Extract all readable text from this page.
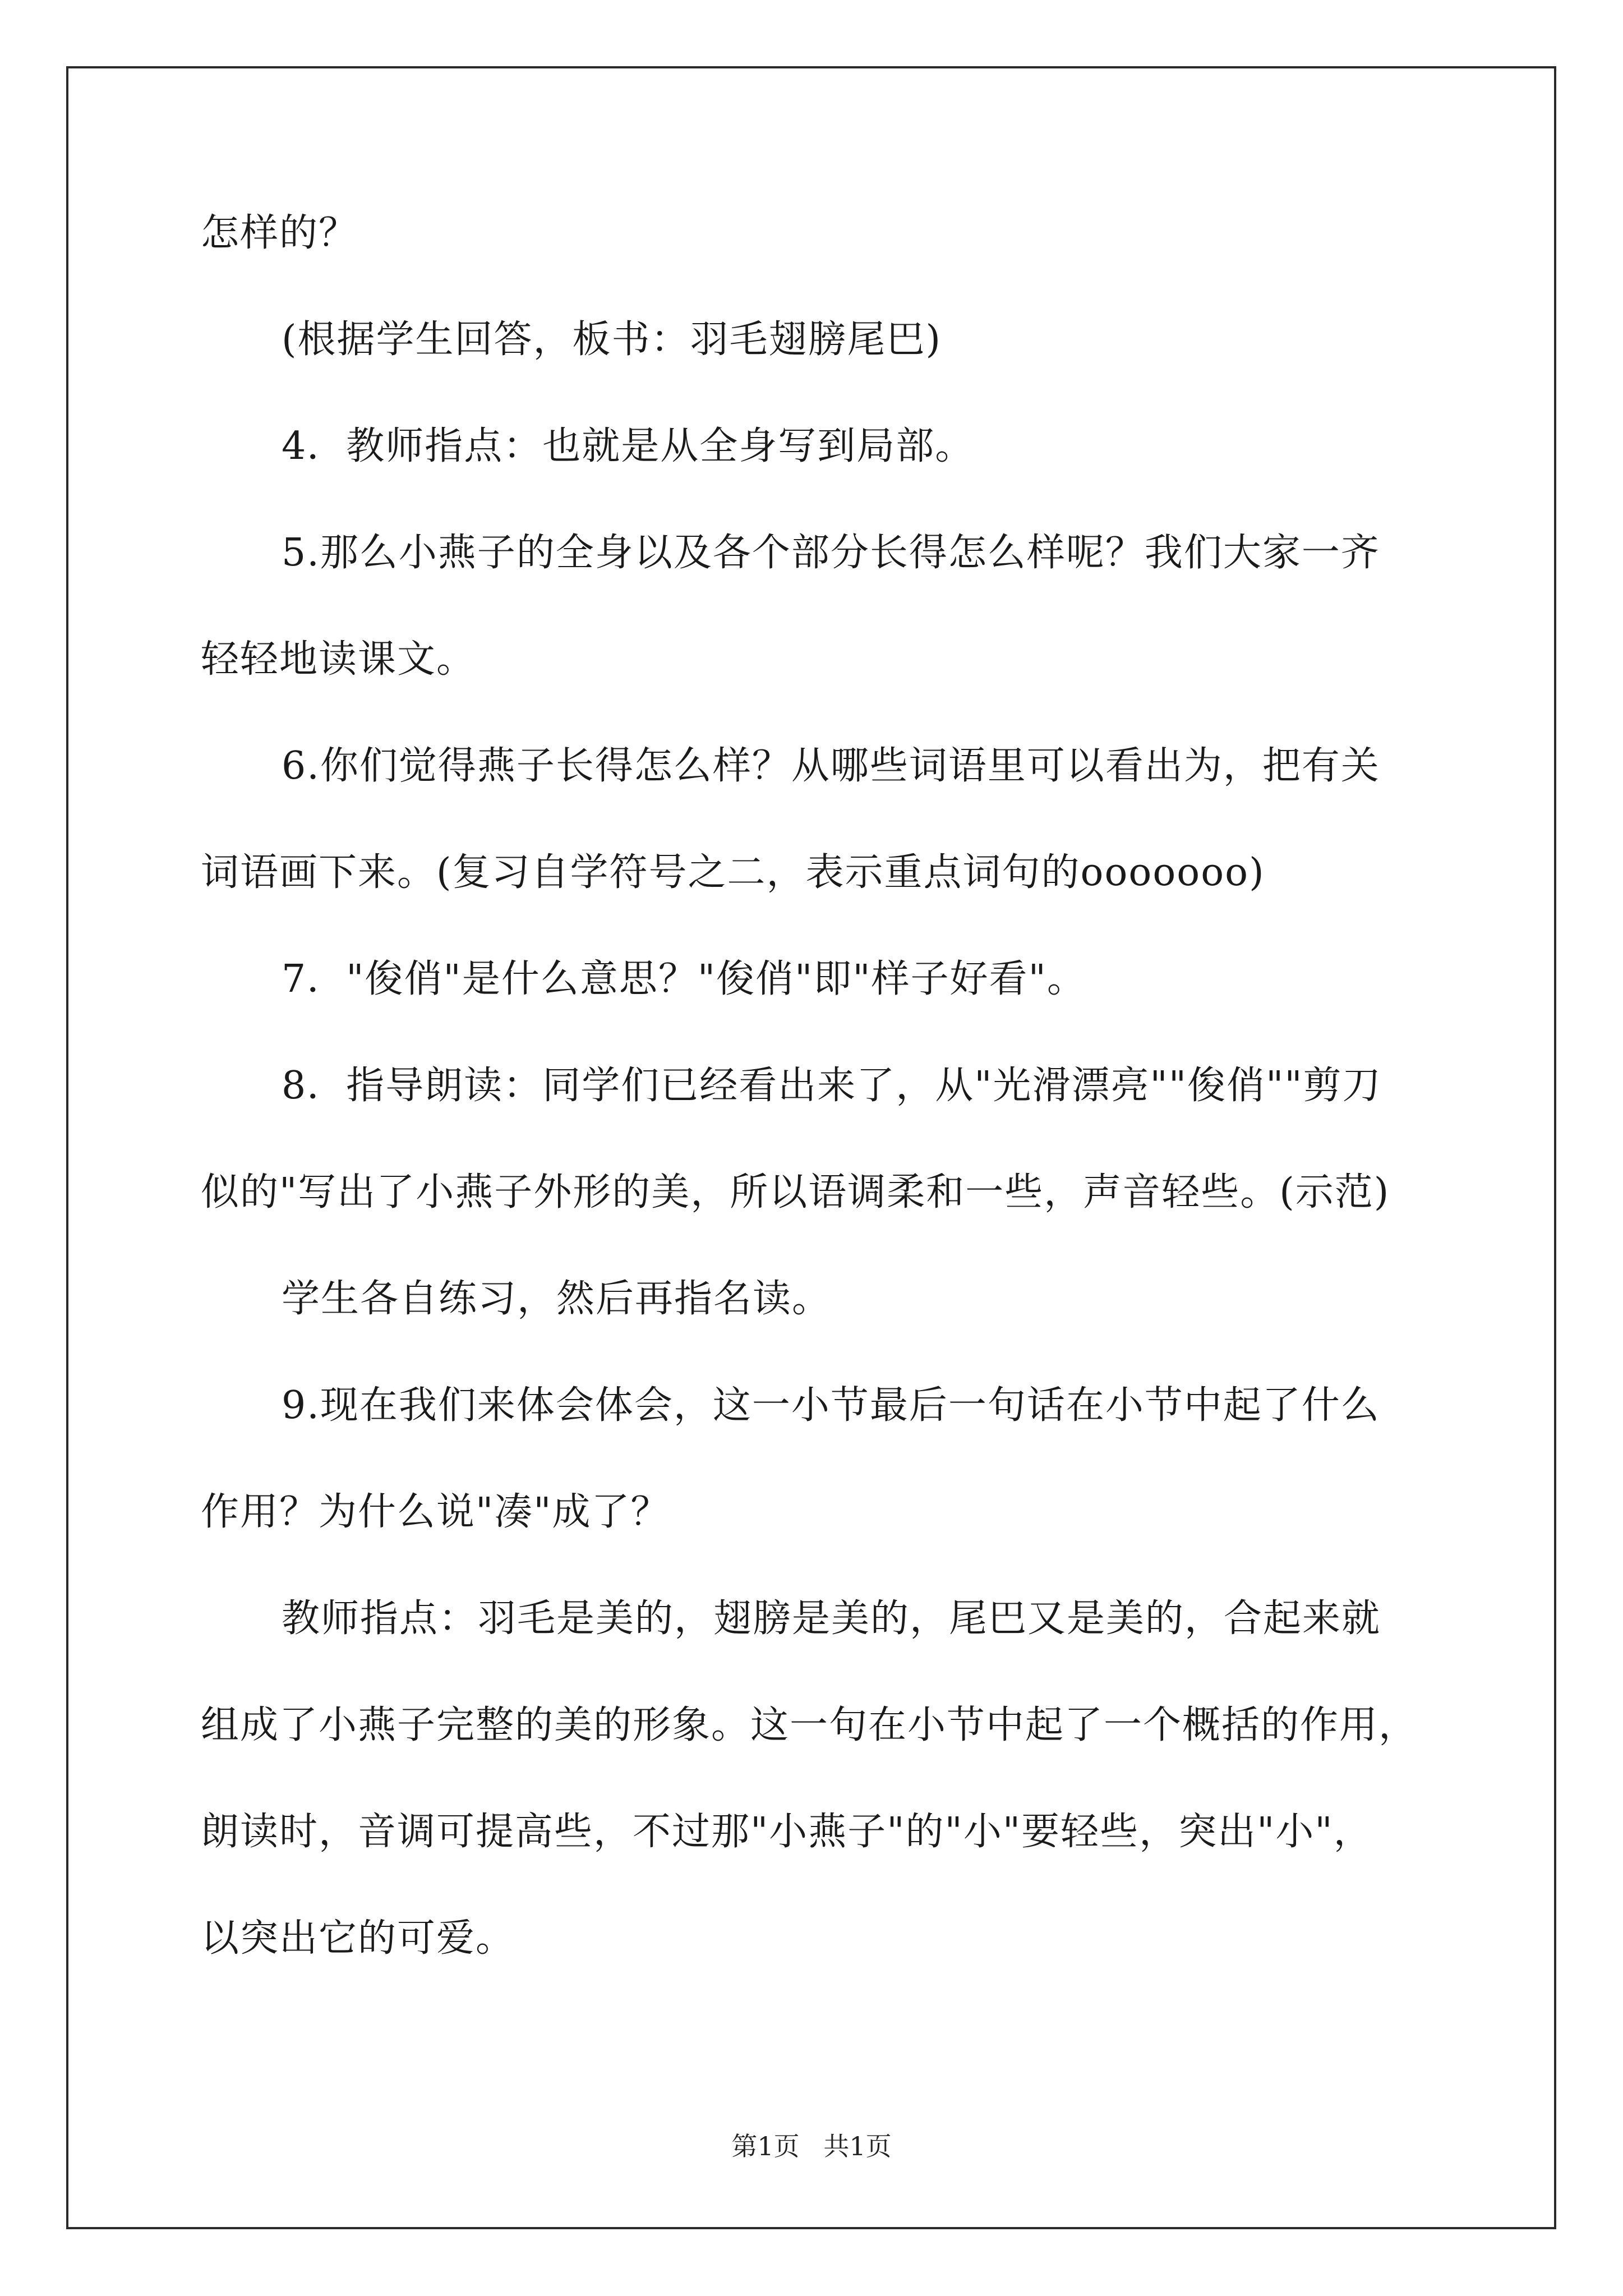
怎样的？
(根据学生回答，板书：羽毛翅膀尾巴)
4．教师指点：也就是从全身写到局部。
5.那么小燕子的全身以及各个部分长得怎么样呢？我们大家一齐
轻轻地读课文。
6.你们觉得燕子长得怎么样？从哪些词语里可以看出为，把有关
词语画下来。(复习自学符号之二，表示重点词句的ooooooo)
7．"俊俏"是什么意思？"俊俏"即"样子好看"。
8．指导朗读：同学们已经看出来了，从"光滑漂亮""俊俏""剪刀
似的"写出了小燕子外形的美，所以语调柔和一些，声音轻些。(示范)
学生各自练习，然后再指名读。
9.现在我们来体会体会，这一小节最后一句话在小节中起了什么
作用？为什么说"凑"成了？
教师指点：羽毛是美的，翅膀是美的，尾巴又是美的，合起来就
组成了小燕子完整的美的形象。这一句在小节中起了一个概括的作用，
朗读时，音调可提高些，不过那"小燕子"的"小"要轻些，突出"小"，
以突出它的可爱。
第1页 共1页
